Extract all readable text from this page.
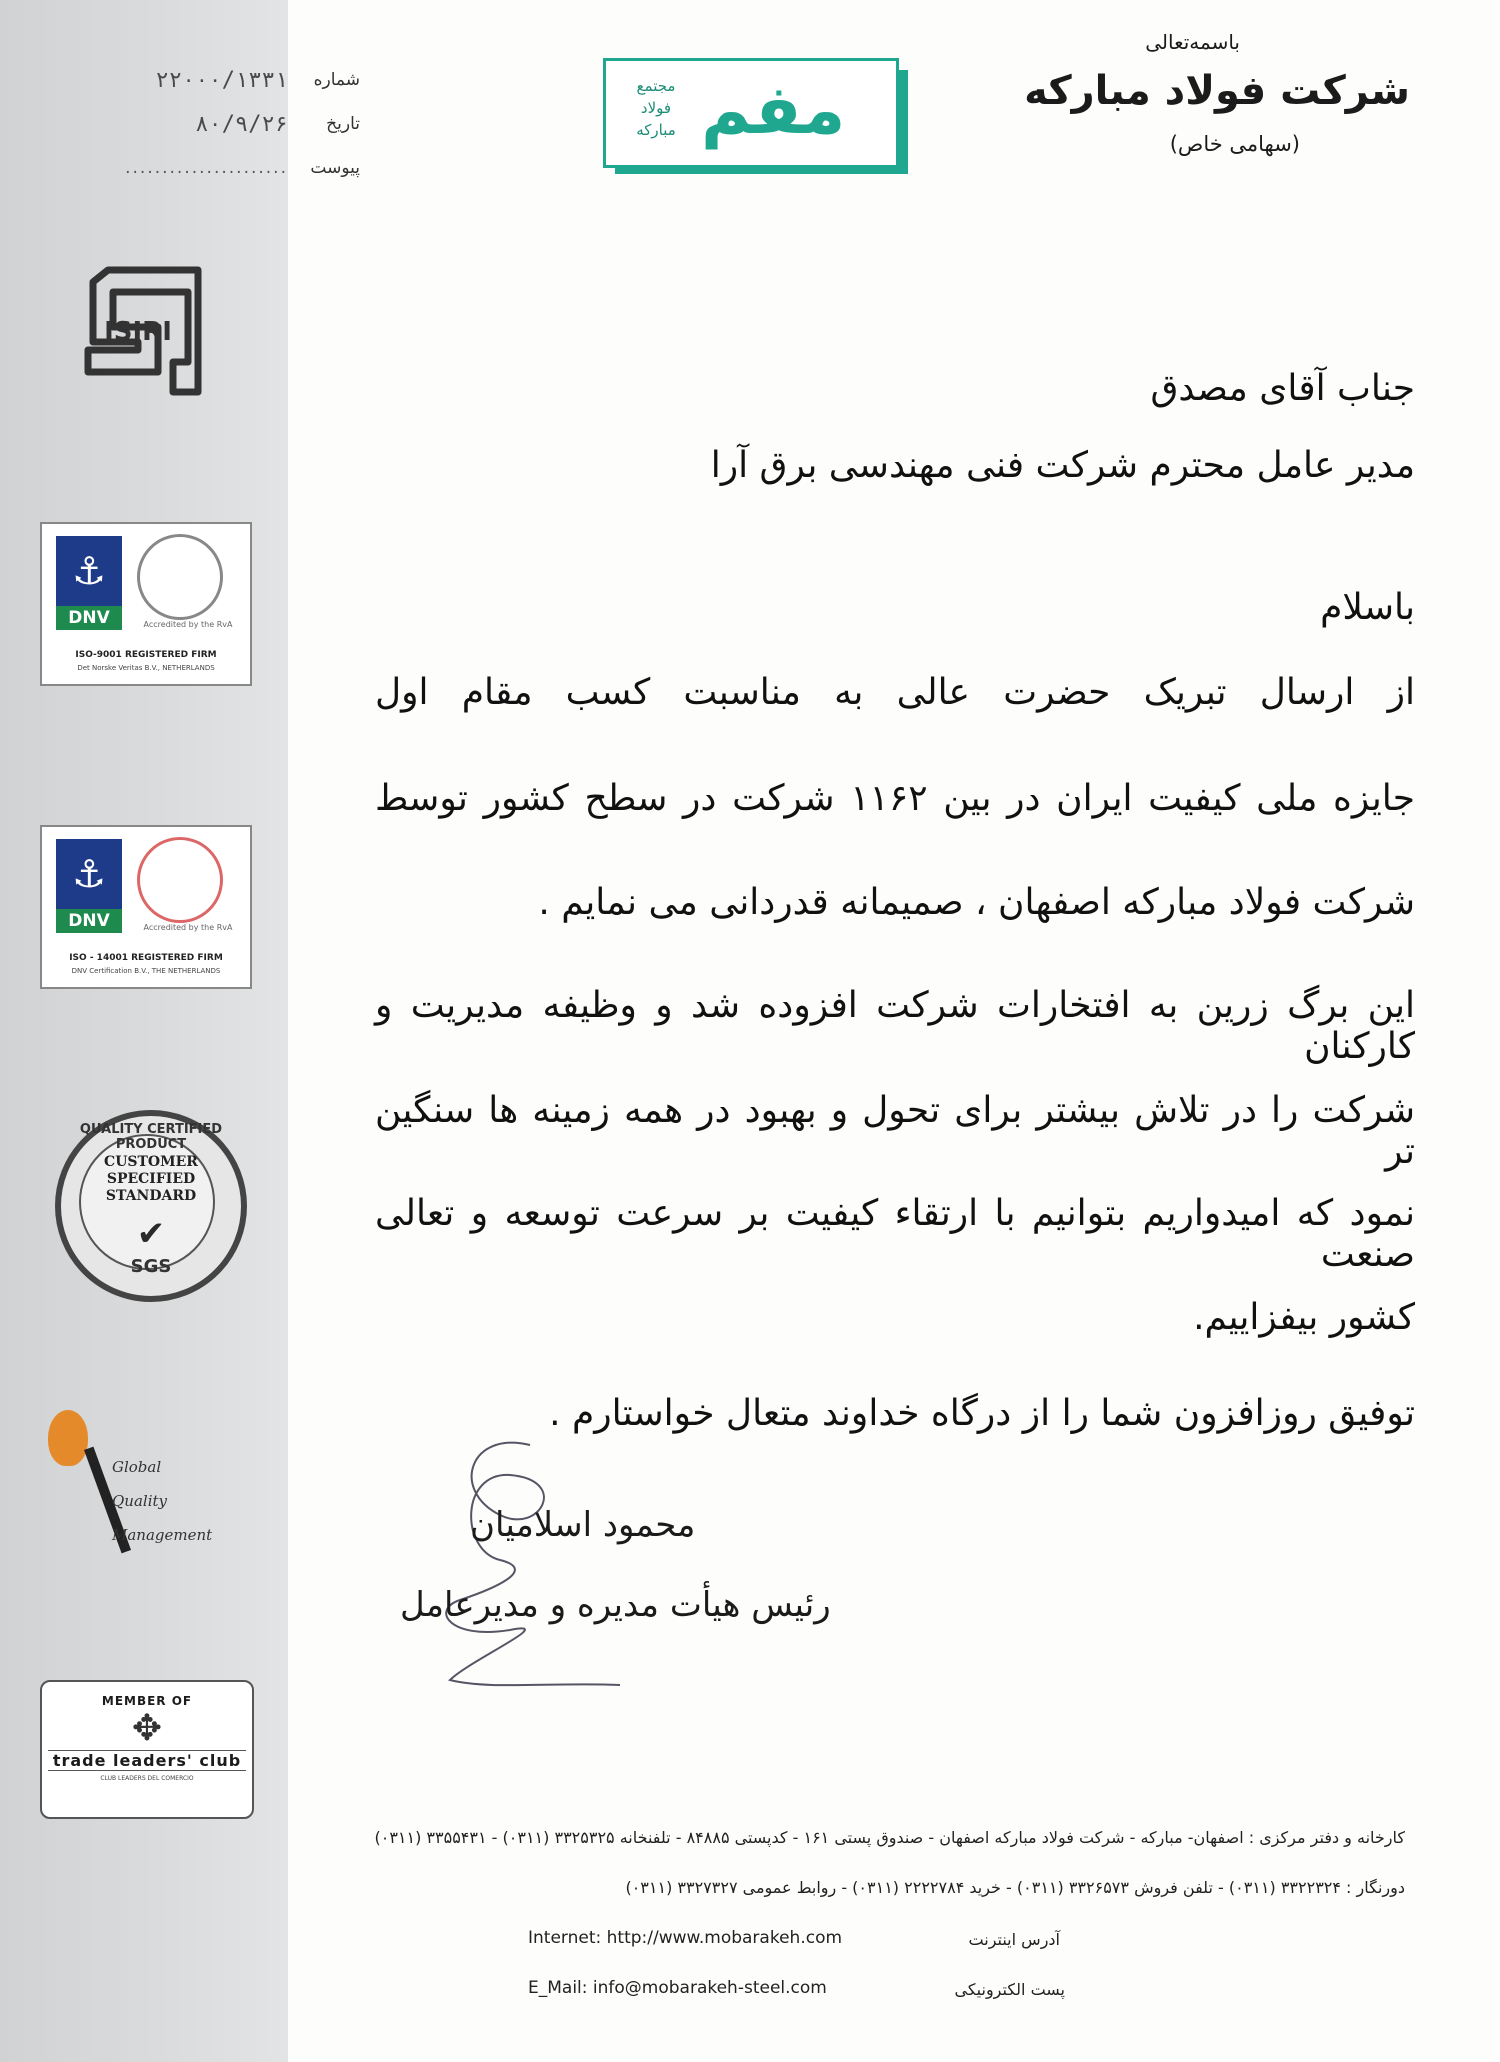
شماره
۲۲۰۰۰/۱۳۳۱
تاریخ
۸۰/۹/۲۶
پیوست
......................
مجتمع فولاد مبارکه مفم
باسمه‌تعالی
شرکت فولاد مبارکه
(سهامی خاص)
ISIRI
⚓
DNV	Accredited by the RvA
ISO-9001 REGISTERED FIRM
Det Norske Veritas B.V., NETHERLANDS
⚓
DNV	Accredited by the RvA
ISO - 14001 REGISTERED FIRM
DNV Certification B.V., THE NETHERLANDS
QUALITY CERTIFIED PRODUCT
CUSTOMER SPECIFIED STANDARD
✔
SGS
Global
Quality
Management
MEMBER OF
✥
trade leaders' club
CLUB LEADERS DEL COMERCIO
جناب آقای مصدق
مدیر عامل محترم شرکت فنی مهندسی برق آرا
باسلام
از ارسال تبریک حضرت عالی به مناسبت کسب مقام اول
جایزه ملی کیفیت ایران در بین ۱۱۶۲ شرکت در سطح کشور توسط
شرکت فولاد مبارکه اصفهان ، صمیمانه قدردانی می نمایم .
این برگ زرین به افتخارات شرکت افزوده شد و وظیفه مدیریت و کارکنان
شرکت را در تلاش بیشتر برای تحول و بهبود در همه زمینه ها سنگین تر
نمود که امیدواریم بتوانیم با ارتقاء کیفیت بر سرعت توسعه و تعالی صنعت
کشور بیفزاییم.
توفیق روزافزون شما را از درگاه خداوند متعال خواستارم .
محمود اسلامیان
رئیس هیأت مدیره و مدیرعامل
کارخانه و دفتر مرکزی : اصفهان- مبارکه - شرکت فولاد مبارکه اصفهان - صندوق پستی ۱۶۱ - کدپستی ۸۴۸۸۵ - تلفنخانه ۳۳۲۵۳۲۵ (۰۳۱۱) - ۳۳۵۵۴۳۱ (۰۳۱۱)
دورنگار : ۳۳۲۲۳۲۴ (۰۳۱۱) - تلفن فروش ۳۳۲۶۵۷۳ (۰۳۱۱) - خرید ۲۲۲۲۷۸۴ (۰۳۱۱) - روابط عمومی ۳۳۲۷۳۲۷ (۰۳۱۱)
Internet: http://www.mobarakeh.com	آدرس اینترنت
E_Mail: info@mobarakeh-steel.com	پست الکترونیکی
